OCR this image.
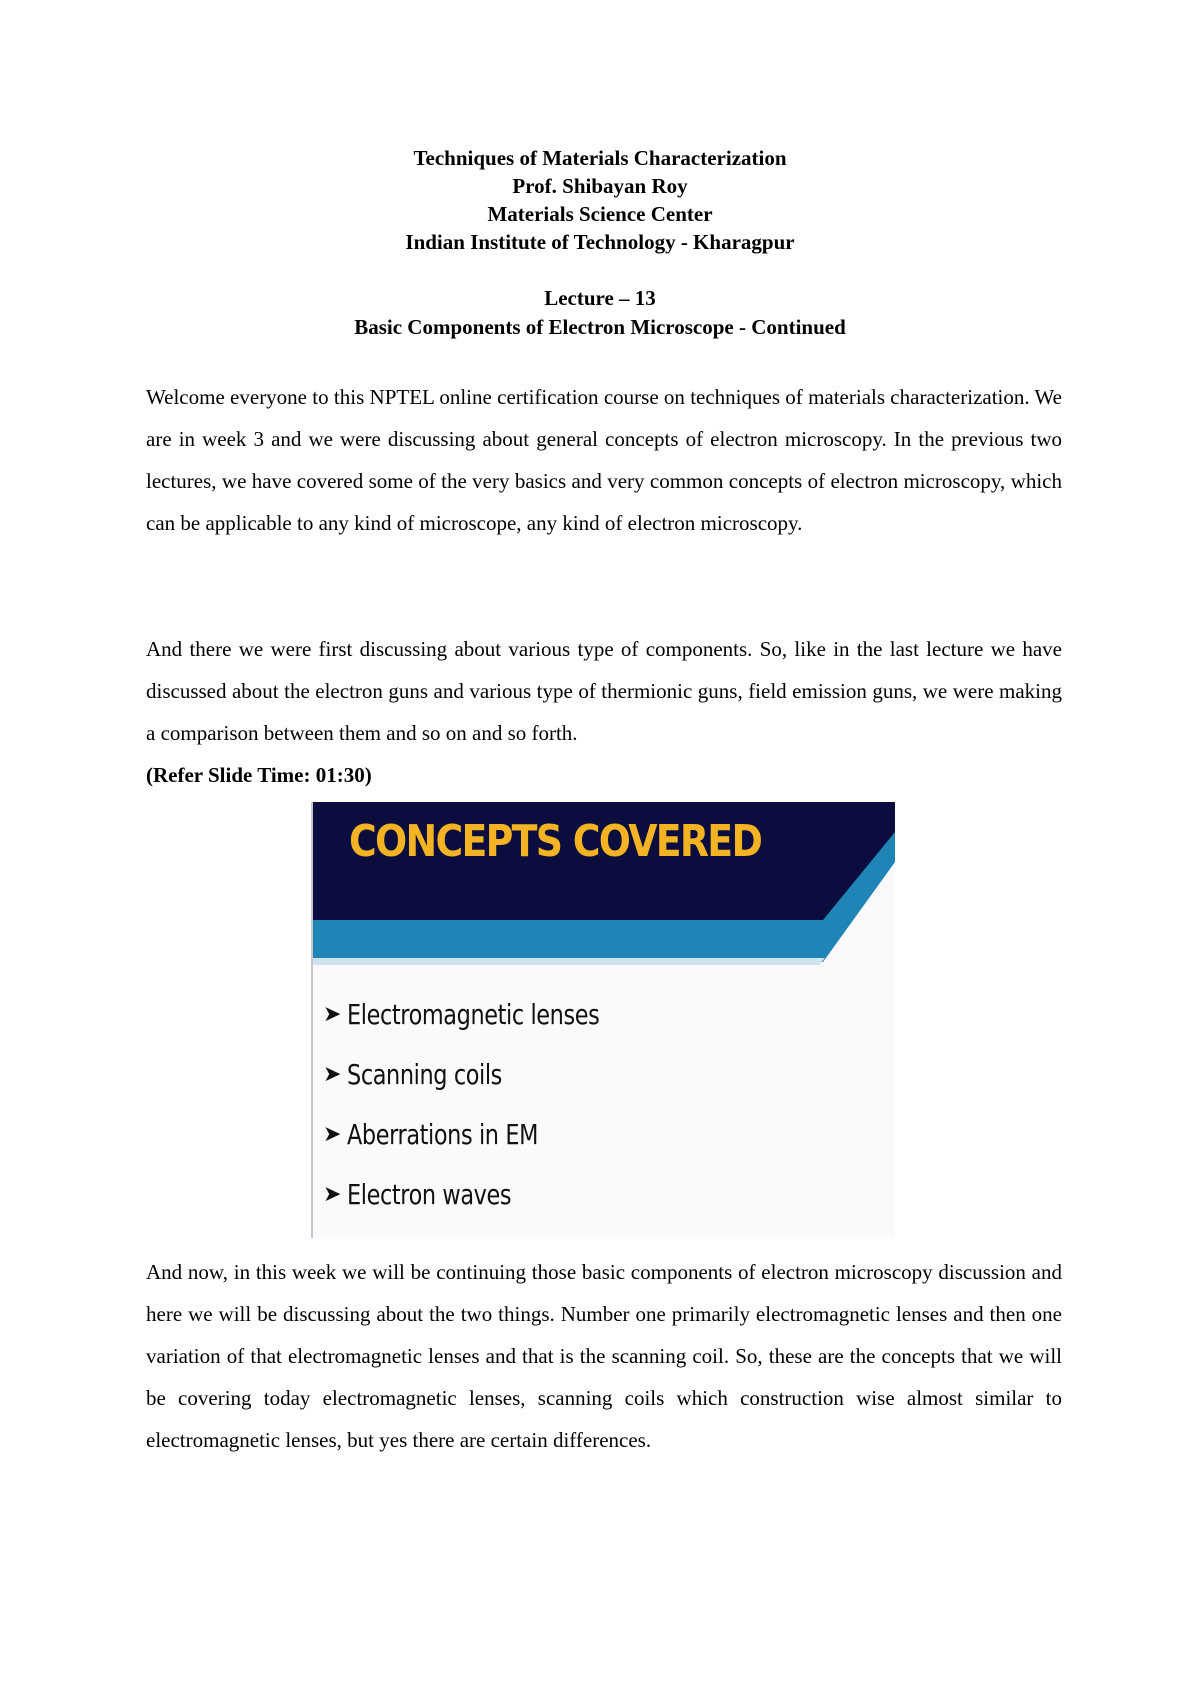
Techniques of Materials Characterization
Prof. Shibayan Roy
Materials Science Center
Indian Institute of Technology - Kharagpur
Lecture – 13
Basic Components of Electron Microscope - Continued

Welcome everyone to this NPTEL online certification course on techniques of materials characterization. We are in week 3 and we were discussing about general concepts of electron microscopy. In the previous two lectures, we have covered some of the very basics and very common concepts of electron microscopy, which can be applicable to any kind of microscope, any kind of electron microscopy.

And there we were first discussing about various type of components. So, like in the last lecture we have discussed about the electron guns and various type of thermionic guns, field emission guns, we were making a comparison between them and so on and so forth.

(Refer Slide Time: 01:30)
CONCEPTS COVERED
➤ Electromagnetic lenses
➤ Scanning coils
➤ Aberrations in EM
➤ Electron waves

And now, in this week we will be continuing those basic components of electron microscopy discussion and here we will be discussing about the two things. Number one primarily electromagnetic lenses and then one variation of that electromagnetic lenses and that is the scanning coil. So, these are the concepts that we will be covering today electromagnetic lenses, scanning coils which construction wise almost similar to electromagnetic lenses, but yes there are certain differences.
